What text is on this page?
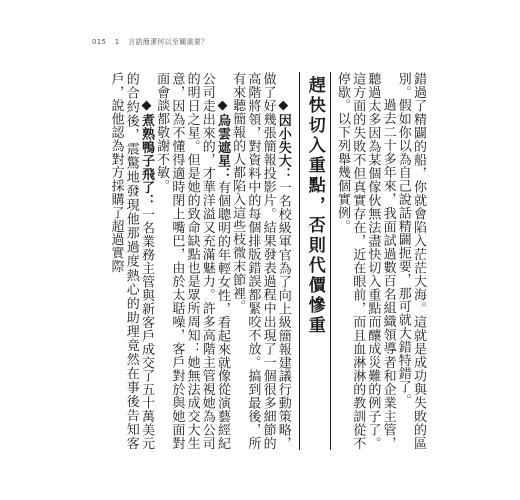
015 1 言語簡潔何以至關重要？

錯過了精闢的船，你就會陷入茫茫大海。這就是成功與失敗的區別。假如你以為自己說話精闢扼要，那可就大錯特錯了。

過去二十多年來，我面試過數百名組織領導者和企業主管，聽過太多因為某個傢伙無法盡快切入重點而釀成災難的例子了。這方面的失敗不但真實存在，近在眼前，而且血淋淋的教訓從不停歇。以下列舉幾個實例。

趕快切入重點，否則代價慘重

◆因小失大：一名校級軍官為了向上級簡報建議行動策略，做了好幾張簡報投影片。結果發表過程中出現了一個很多細節的高階將領，對資料中的每個排版錯誤都緊咬不放。搞到最後，所有來聽簡報的人都陷入這些枝微末節裡。

◆烏雲遮星：有個聰明的年輕女性，看起來就像從演藝經紀公司走出來的，才華洋溢又充滿魅力。許多高階主管視她為公司的明日之星。但是她的致命缺點也是眾所周知：她無法成交大生意，因為不懂得適時閉上嘴巴，由於太聒噪，客戶對於與她面對面會談都敬謝不敏。

◆煮熟鴨子飛了：一名業務主管與新客戶成交了五十萬美元的合約後，震驚地發現他那過度熱心的助理竟然在事後告知客戶，說他認為對方採購了超過實際
